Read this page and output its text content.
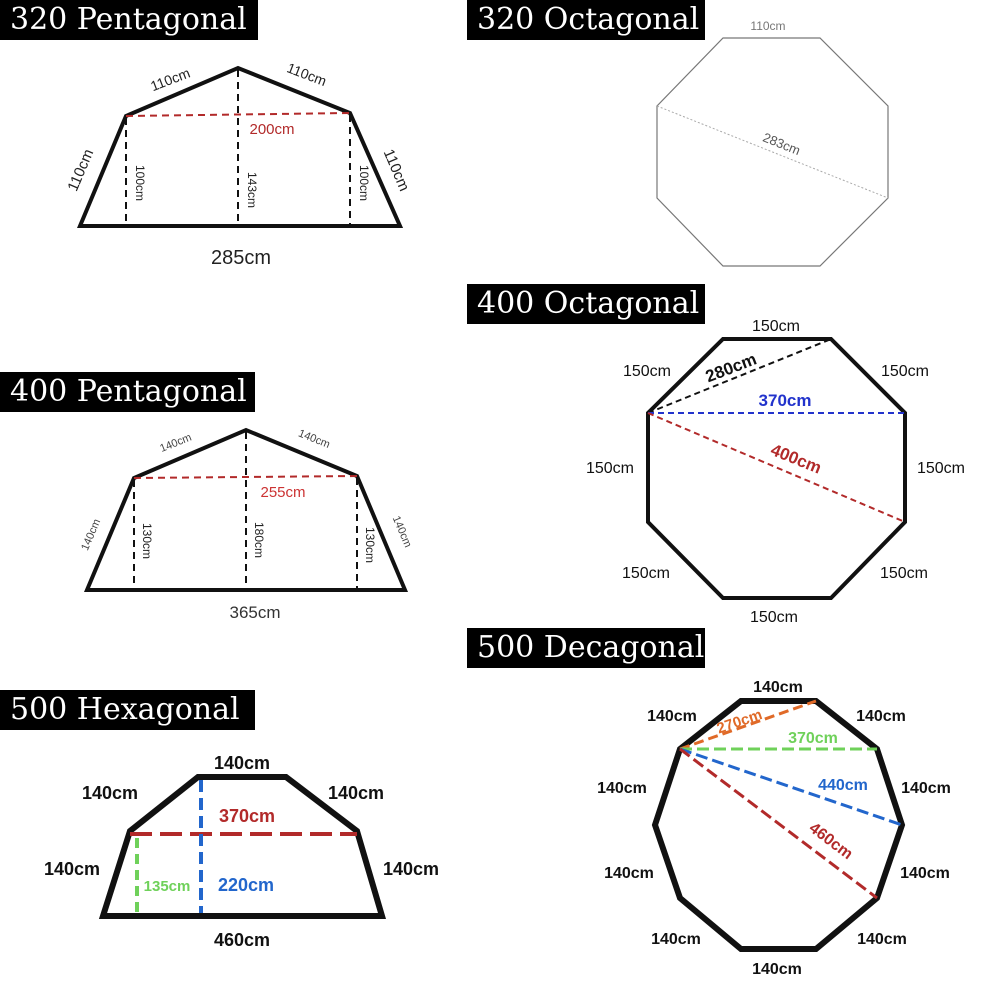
320 Pentagonal	320 Octagonal
400 Pentagonal
400 Octagonal
500 Hexagonal
500 Decagonal
110cm	110cm
110cm	110cm
200cm
100cm	143cm	100cm
285cm
110cm
283cm
140cm	140cm
140cm	140cm
255cm
130cm	180cm	130cm
365cm
150cm
150cm	150cm
150cm	150cm
150cm	150cm
150cm
280cm
370cm
400cm
140cm
140cm	140cm
140cm	140cm
460cm
370cm
135cm 220cm
140cm
140cm	140cm
140cm	140cm
140cm	140cm
140cm	140cm
140cm
270cm
370cm
440cm
460cm
